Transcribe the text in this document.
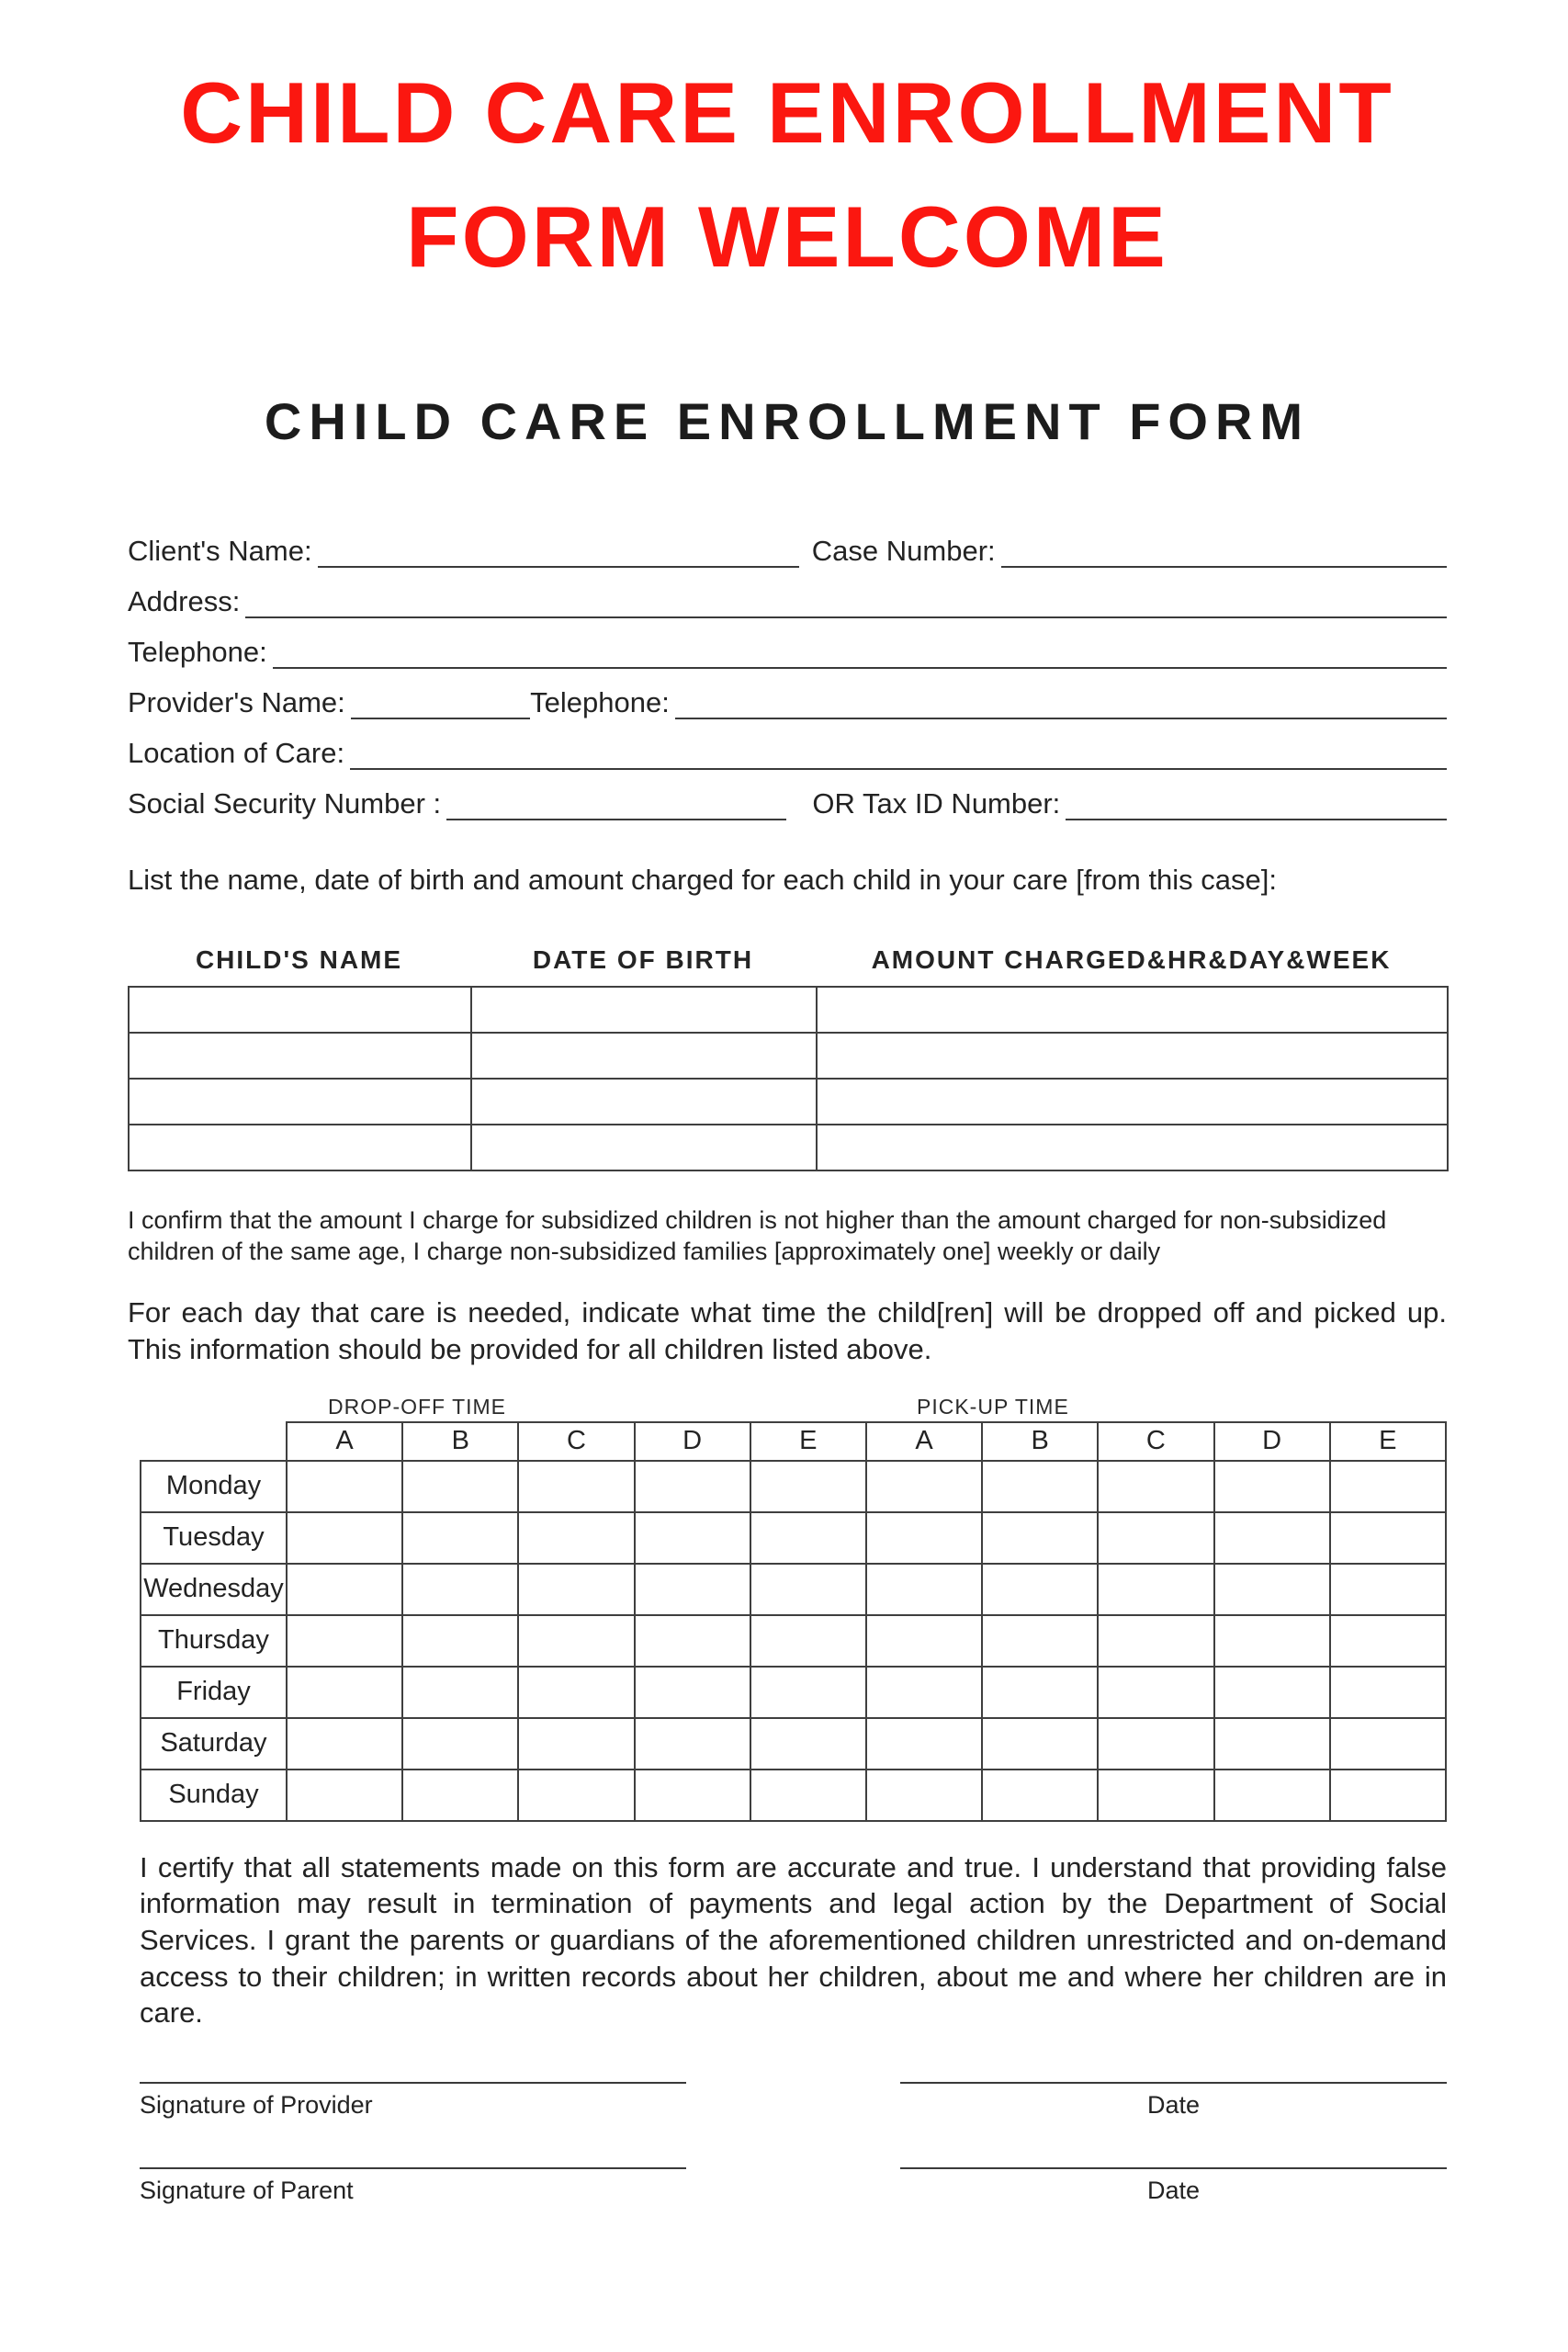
CHILD CARE ENROLLMENT
FORM WELCOME
CHILD CARE ENROLLMENT FORM
Client's Name:	Case Number:
Address:
Telephone:
Provider's Name:	Telephone:
Location of Care:
Social Security Number :	OR Tax ID Number:

List the name, date of birth and amount charged for each child in your care [from this case]:

CHILD'S NAME	DATE OF BIRTH	AMOUNT CHARGED&HR&DAY&WEEK

I confirm that the amount I charge for subsidized children is not higher than the amount charged for non-subsidized children of the same age, I charge non-subsidized families [approximately one] weekly or daily

For each day that care is needed, indicate what time the child[ren] will be dropped off and picked up. This information should be provided for all children listed above.

DROP-OFF TIME	PICK-UP TIME
	A	B	C	D	E	A	B	C	D	E
Monday										
Tuesday										
Wednesday										
Thursday										
Friday										
Saturday										
Sunday										

I certify that all statements made on this form are accurate and true. I understand that providing false information may result in termination of payments and legal action by the Department of Social Services. I grant the parents or guardians of the aforementioned children unrestricted and on-demand access to their children; in written records about her children, about me and where her children are in care.

Signature of Provider	Date
Signature of Parent	Date
